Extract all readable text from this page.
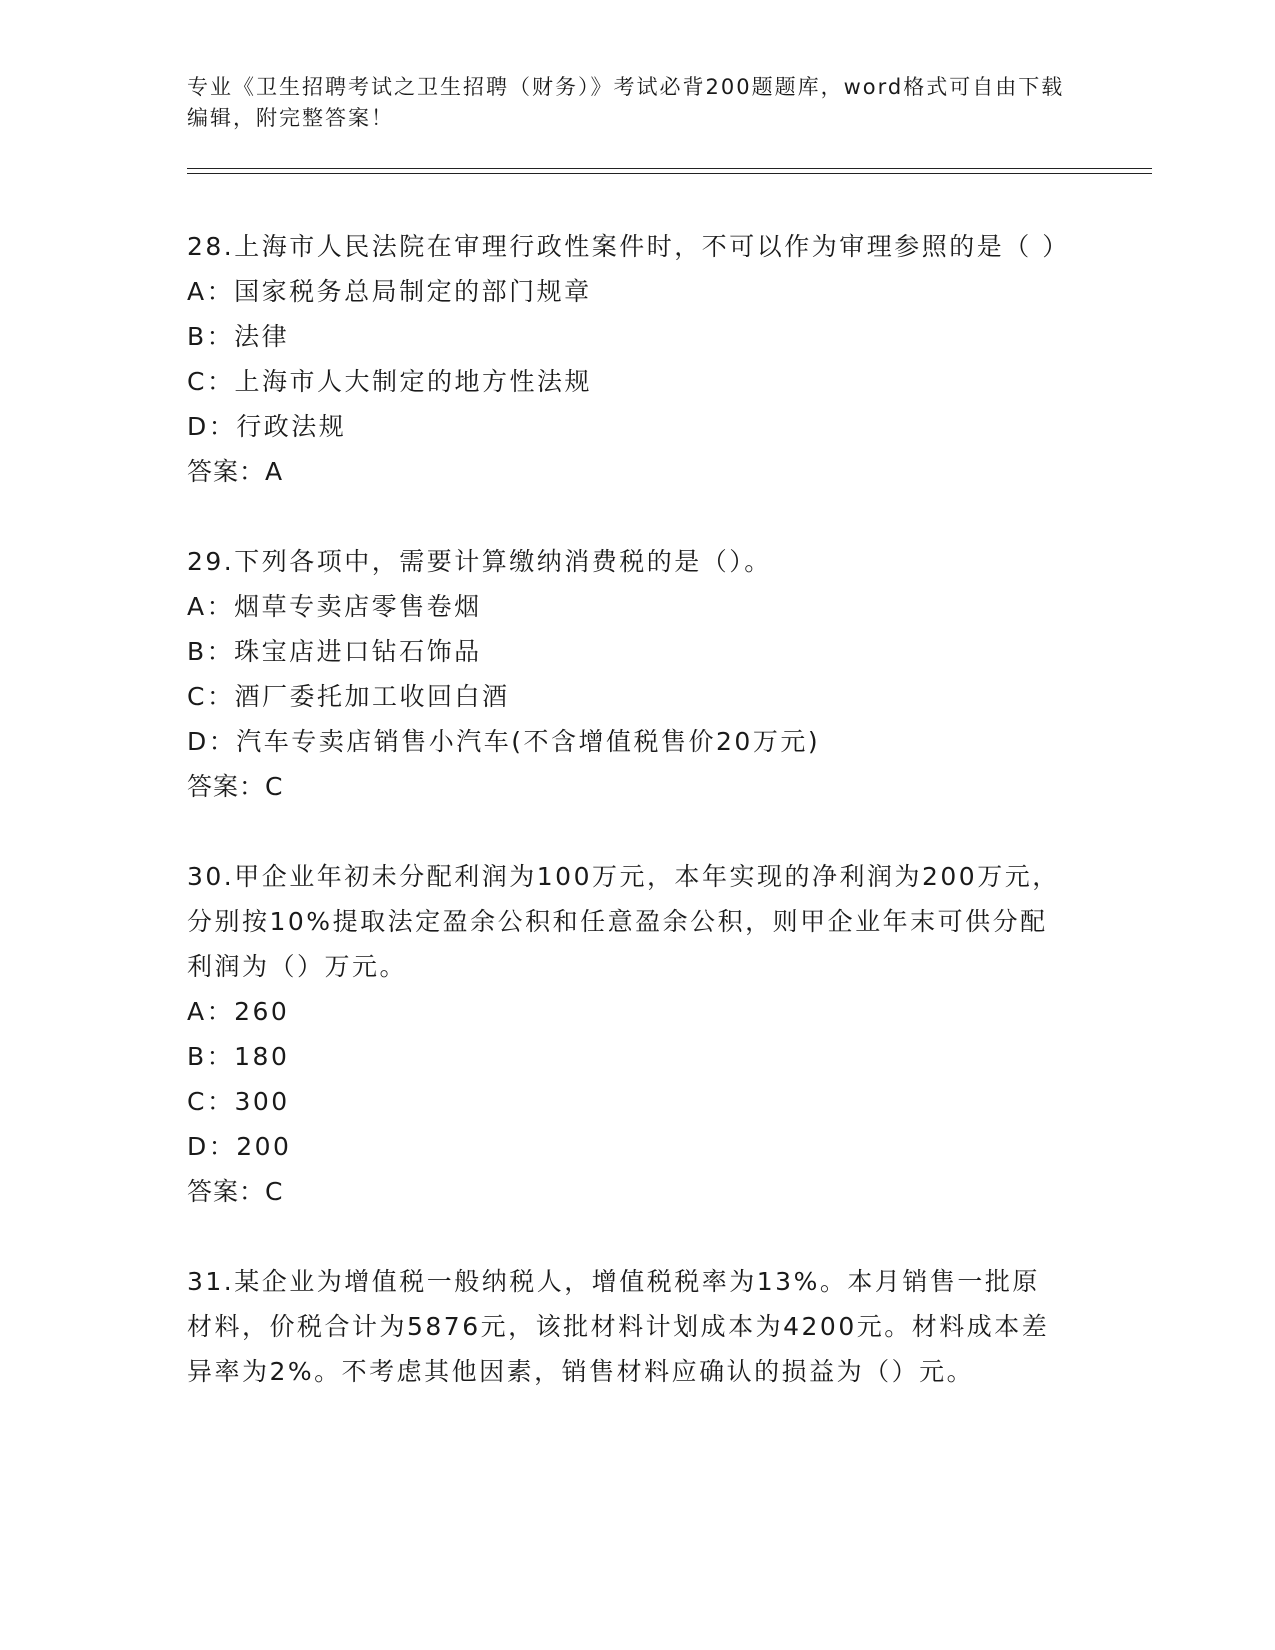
专业《卫生招聘考试之卫生招聘（财务）》考试必背200题题库，word格式可自由下载编辑，附完整答案！

28.上海市人民法院在审理行政性案件时，不可以作为审理参照的是（ ）

A：国家税务总局制定的部门规章

B：法律

C：上海市人大制定的地方性法规

D：行政法规

答案：A

29.下列各项中，需要计算缴纳消费税的是（）。

A：烟草专卖店零售卷烟

B：珠宝店进口钻石饰品

C：酒厂委托加工收回白酒

D：汽车专卖店销售小汽车(不含增值税售价20万元)

答案：C

30.甲企业年初未分配利润为100万元，本年实现的净利润为200万元，分别按10%提取法定盈余公积和任意盈余公积，则甲企业年末可供分配利润为（）万元。

A：260

B：180

C：300

D：200

答案：C

31.某企业为增值税一般纳税人，增值税税率为13%。本月销售一批原材料，价税合计为5876元，该批材料计划成本为4200元。材料成本差异率为2%。不考虑其他因素，销售材料应确认的损益为（）元。
